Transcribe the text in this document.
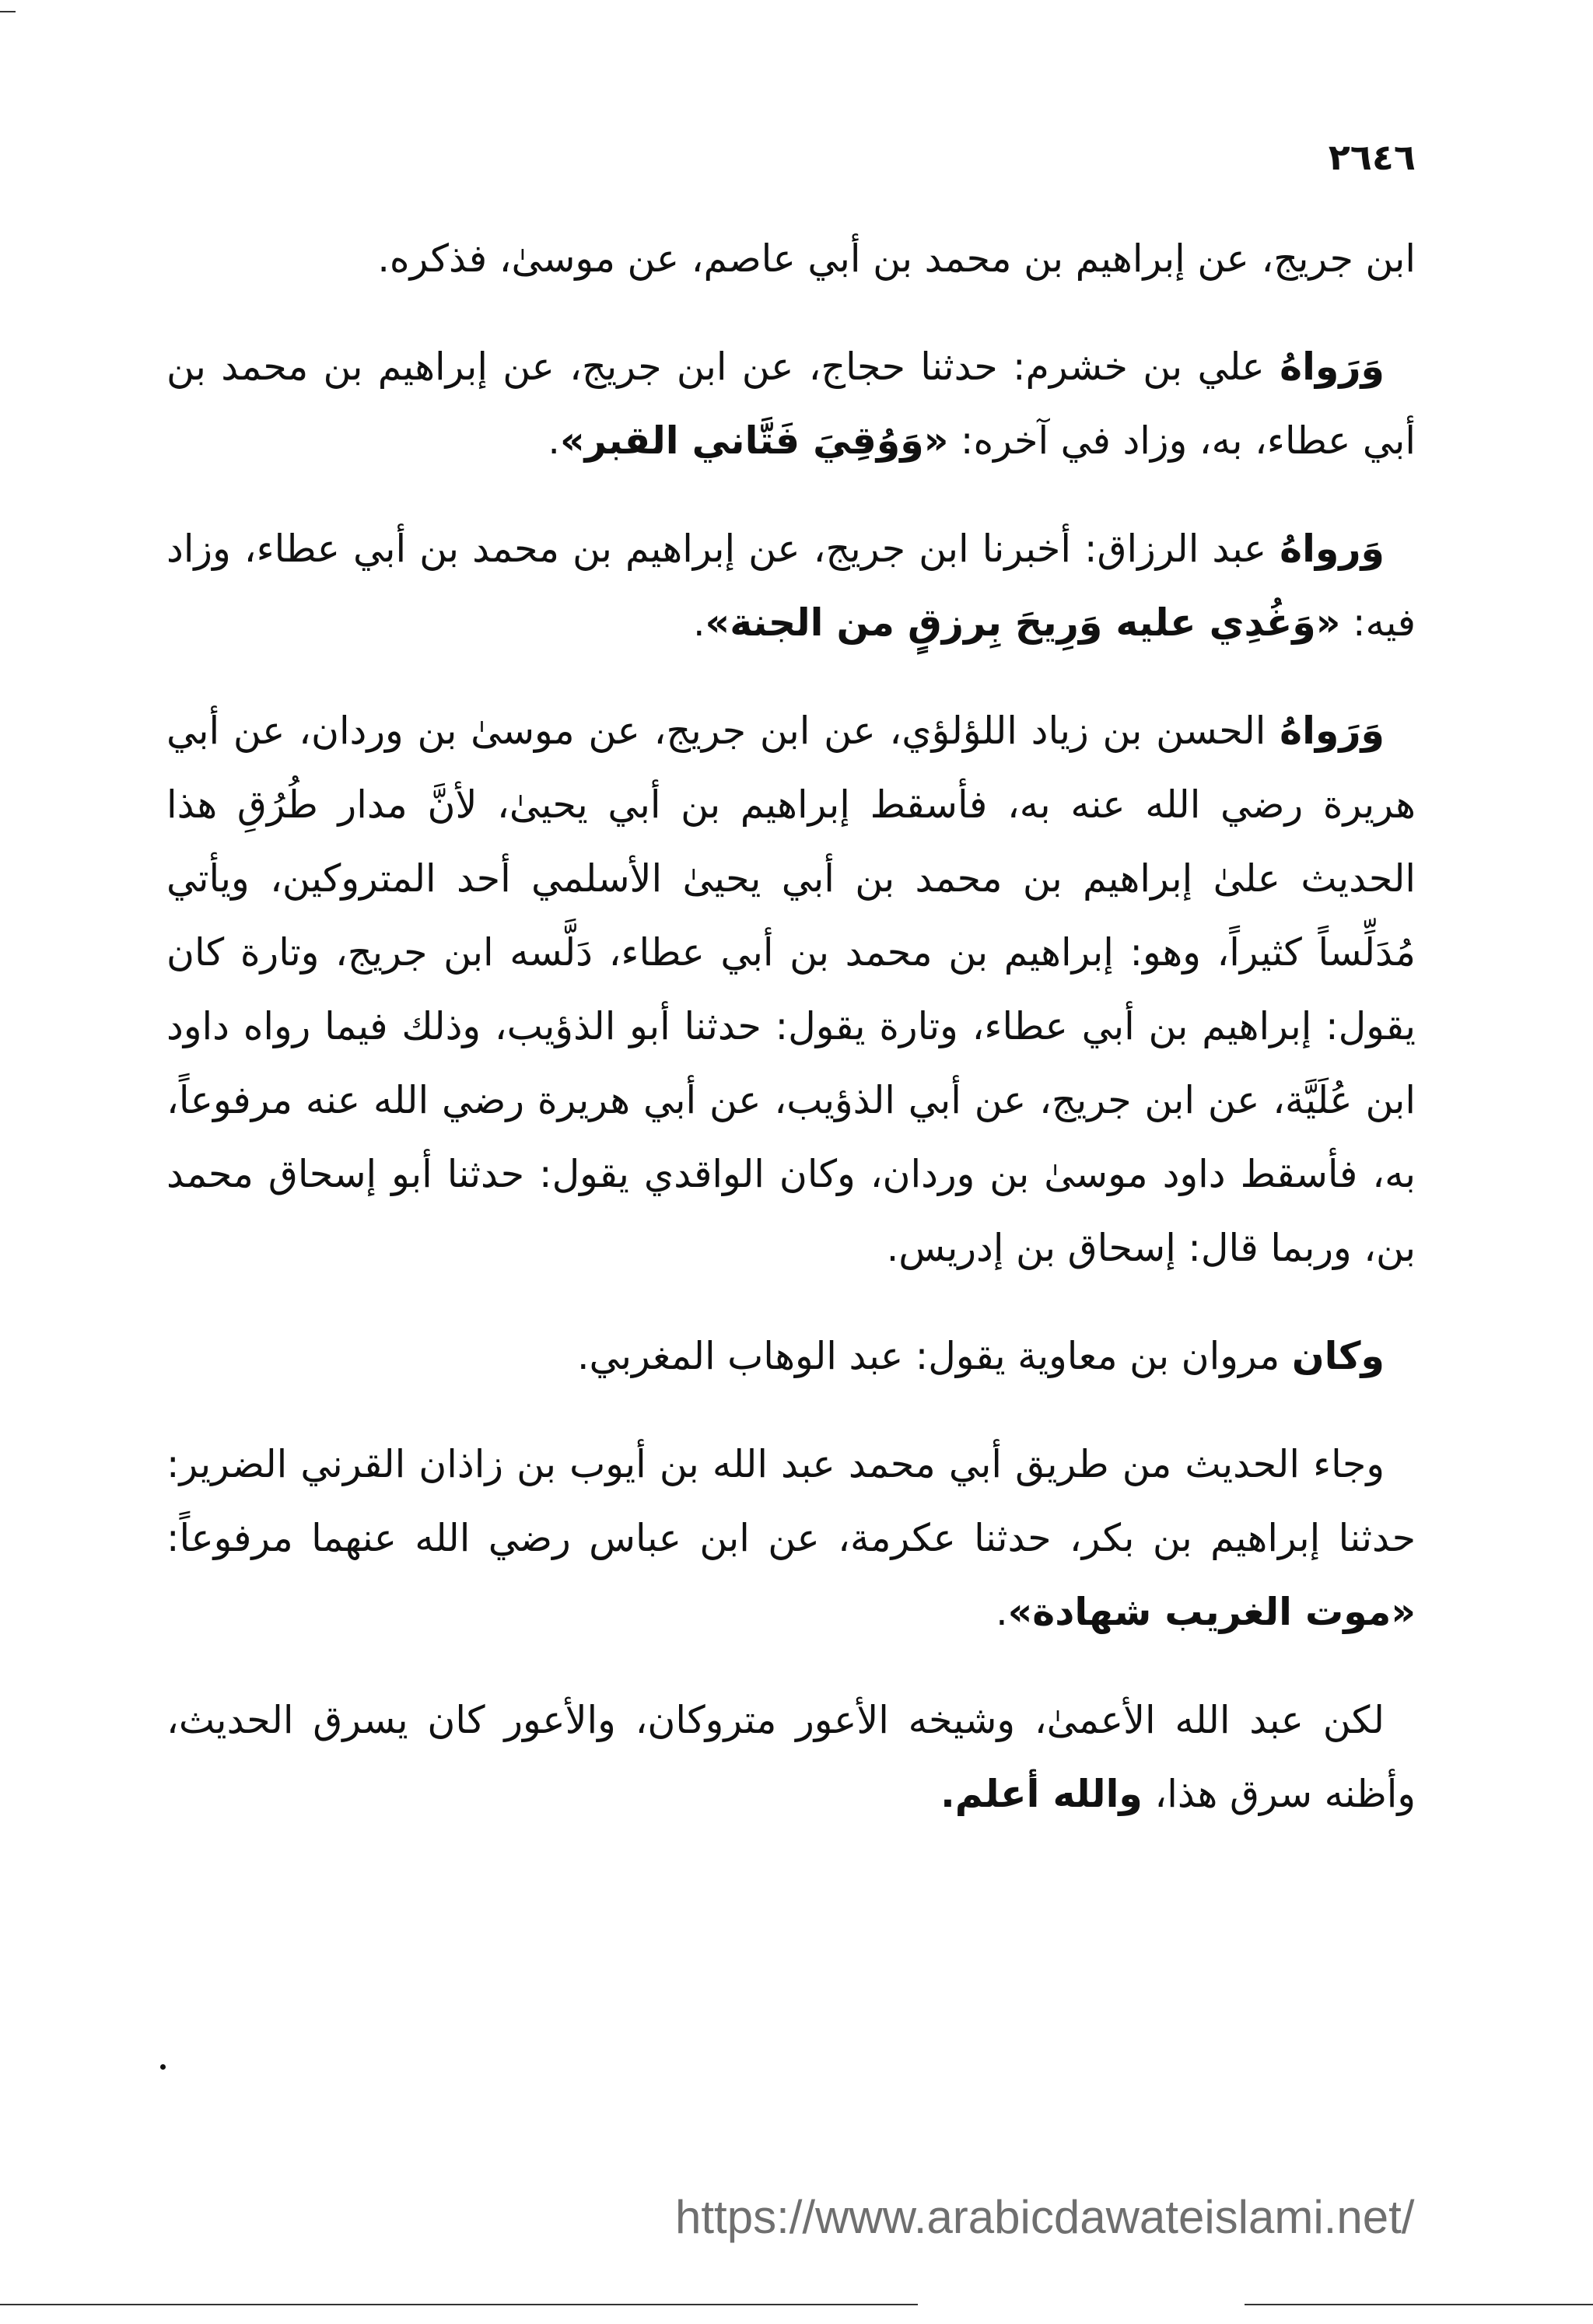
٢٦٤٦

ابن جريج، عن إبراهيم بن محمد بن أبي عاصم، عن موسىٰ، فذكره.

وَرَواهُ علي بن خشرم: حدثنا حجاج، عن ابن جريج، عن إبراهيم بن محمد بن أبي عطاء، به، وزاد في آخره: «وَوُقِيَ فَتَّاني القبر».

وَرواهُ عبد الرزاق: أخبرنا ابن جريج، عن إبراهيم بن محمد بن أبي عطاء، وزاد فيه: «وَغُدِي عليه وَرِيحَ بِرزقٍ من الجنة».

وَرَواهُ الحسن بن زياد اللؤلؤي، عن ابن جريج، عن موسىٰ بن وردان، عن أبي هريرة رضي الله عنه به، فأسقط إبراهيم بن أبي يحيىٰ، لأنَّ مدار طُرُقِ هذا الحديث علىٰ إبراهيم بن محمد بن أبي يحيىٰ الأسلمي أحد المتروكين، ويأتي مُدَلِّساً كثيراً، وهو: إبراهيم بن محمد بن أبي عطاء، دَلَّسه ابن جريج، وتارة كان يقول: إبراهيم بن أبي عطاء، وتارة يقول: حدثنا أبو الذؤيب، وذلك فيما رواه داود ابن عُلَيَّة، عن ابن جريج، عن أبي الذؤيب، عن أبي هريرة رضي الله عنه مرفوعاً، به، فأسقط داود موسىٰ بن وردان، وكان الواقدي يقول: حدثنا أبو إسحاق محمد بن، وربما قال: إسحاق بن إدريس.

وكان مروان بن معاوية يقول: عبد الوهاب المغربي.

وجاء الحديث من طريق أبي محمد عبد الله بن أيوب بن زاذان القرني الضرير: حدثنا إبراهيم بن بكر، حدثنا عكرمة، عن ابن عباس رضي الله عنهما مرفوعاً: «موت الغريب شهادة».

لكن عبد الله الأعمىٰ، وشيخه الأعور متروكان، والأعور كان يسرق الحديث، وأظنه سرق هذا، والله أعلم.

https://www.arabicdawateislami.net/
